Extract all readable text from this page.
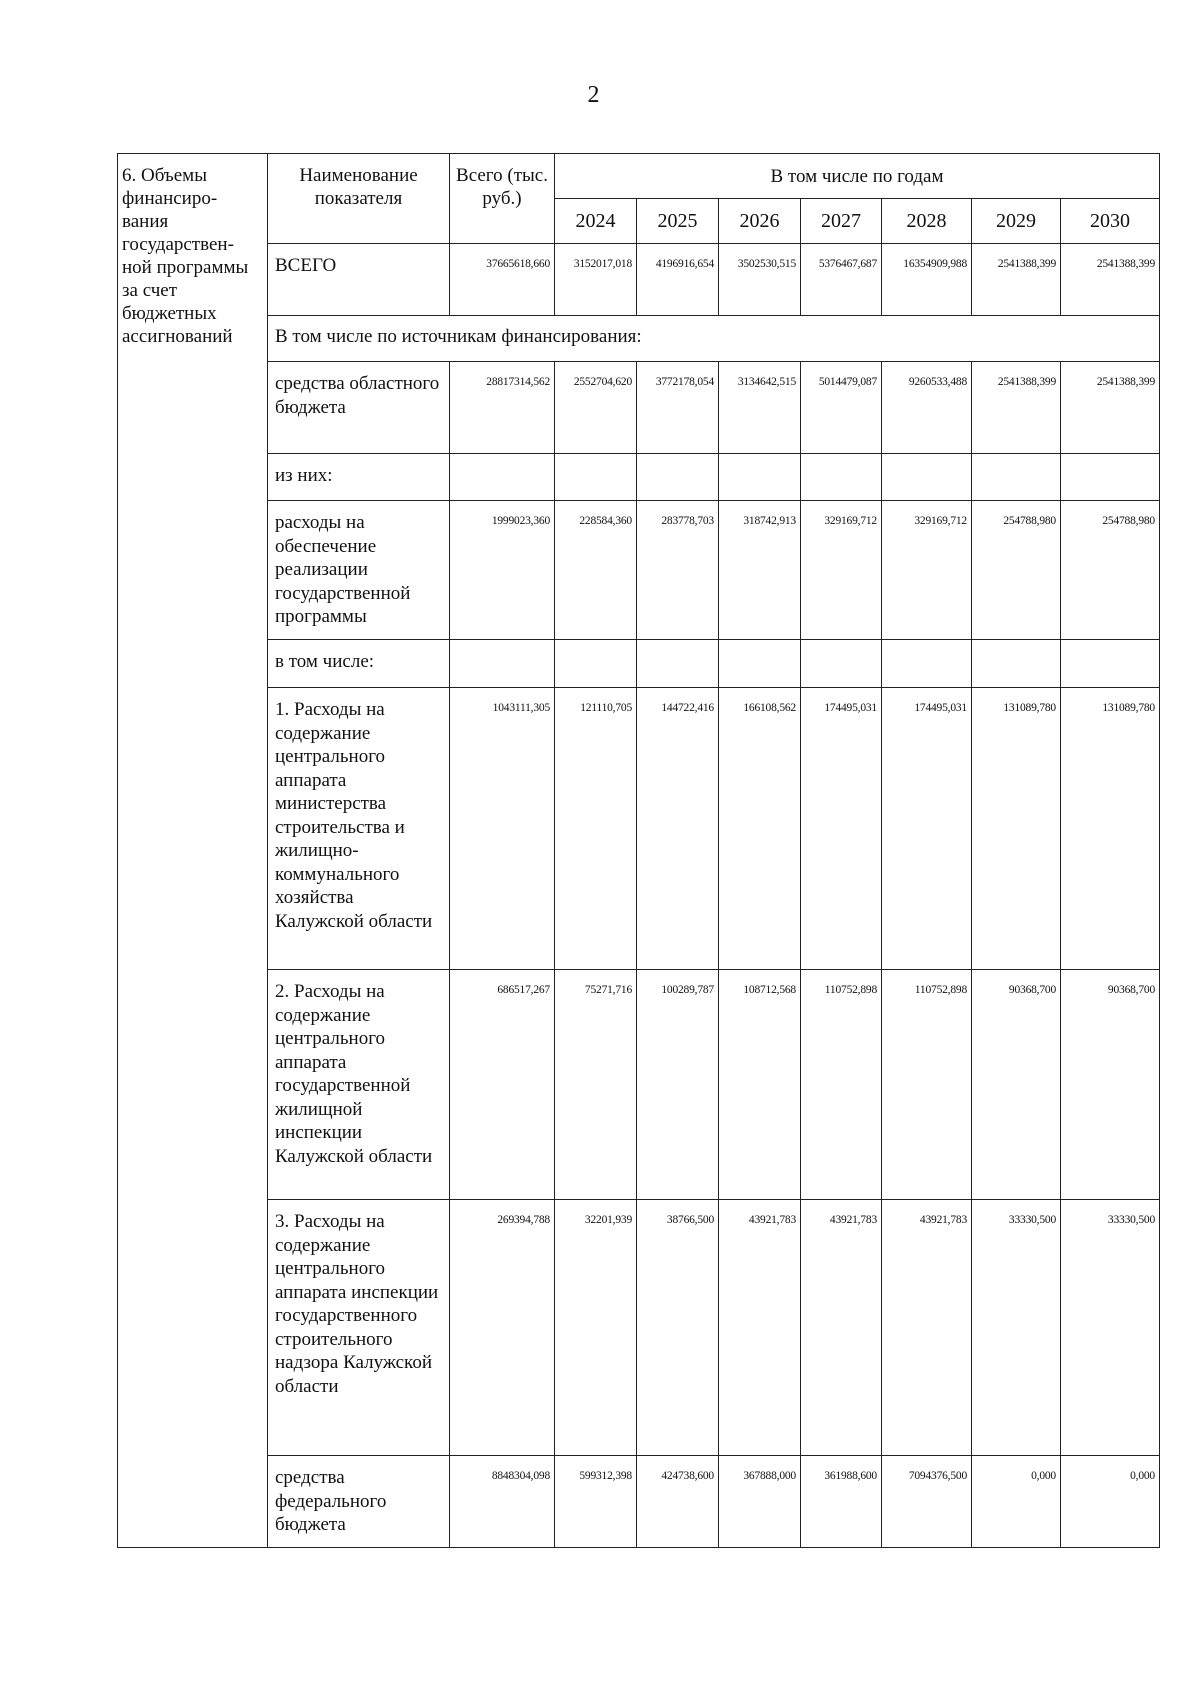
2
6. Объемы финансиро-вания государствен-ной программы за счет бюджетных ассигнований	Наименование показателя	Всего (тыс. руб.)	В том числе по годам						
			2024	2025	2026	2027	2028	2029	2030
	ВСЕГО	37665618,660	3152017,018	4196916,654	3502530,515	5376467,687	16354909,988	2541388,399	2541388,399
	В том числе по источникам финансирования:								
	средства областного бюджета	28817314,562	2552704,620	3772178,054	3134642,515	5014479,087	9260533,488	2541388,399	2541388,399
	из них:								
	расходы на обеспечение реализации государственной программы	1999023,360	228584,360	283778,703	318742,913	329169,712	329169,712	254788,980	254788,980
	в том числе:								
	1. Расходы на содержание центрального аппарата министерства строительства и жилищно-коммунального хозяйства Калужской области	1043111,305	121110,705	144722,416	166108,562	174495,031	174495,031	131089,780	131089,780
	2. Расходы на содержание центрального аппарата государственной жилищной инспекции Калужской области	686517,267	75271,716	100289,787	108712,568	110752,898	110752,898	90368,700	90368,700
	3. Расходы на содержание центрального аппарата инспекции государственного строительного надзора Калужской области	269394,788	32201,939	38766,500	43921,783	43921,783	43921,783	33330,500	33330,500
	средства федерального бюджета	8848304,098	599312,398	424738,600	367888,000	361988,600	7094376,500	0,000	0,000
